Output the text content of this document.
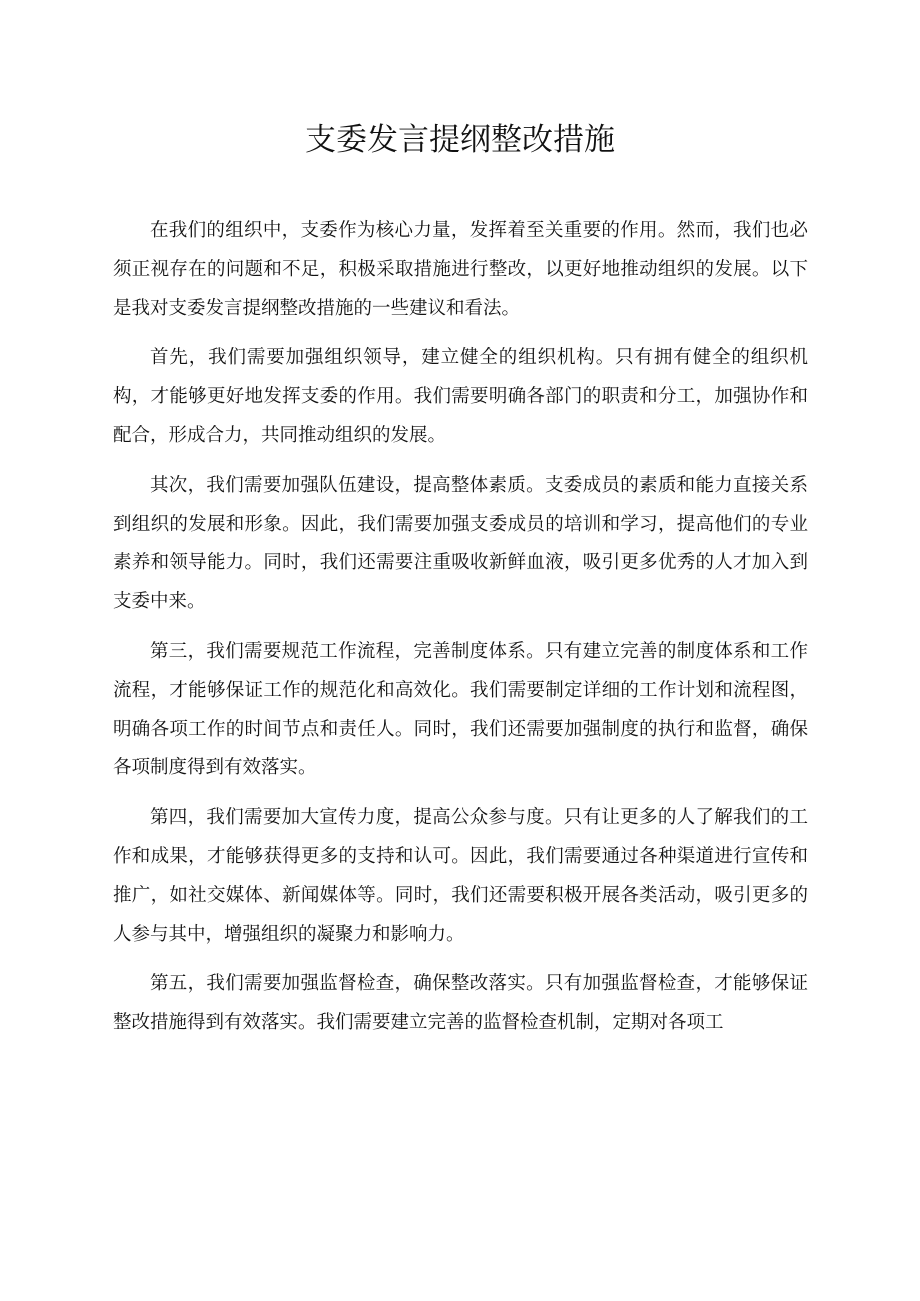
支委发言提纲整改措施

在我们的组织中，支委作为核心力量，发挥着至关重要的作用。然而，我们也必须正视存在的问题和不足，积极采取措施进行整改，以更好地推动组织的发展。以下是我对支委发言提纲整改措施的一些建议和看法。

首先，我们需要加强组织领导，建立健全的组织机构。只有拥有健全的组织机构，才能够更好地发挥支委的作用。我们需要明确各部门的职责和分工，加强协作和配合，形成合力，共同推动组织的发展。

其次，我们需要加强队伍建设，提高整体素质。支委成员的素质和能力直接关系到组织的发展和形象。因此，我们需要加强支委成员的培训和学习，提高他们的专业素养和领导能力。同时，我们还需要注重吸收新鲜血液，吸引更多优秀的人才加入到支委中来。

第三，我们需要规范工作流程，完善制度体系。只有建立完善的制度体系和工作流程，才能够保证工作的规范化和高效化。我们需要制定详细的工作计划和流程图，明确各项工作的时间节点和责任人。同时，我们还需要加强制度的执行和监督，确保各项制度得到有效落实。

第四，我们需要加大宣传力度，提高公众参与度。只有让更多的人了解我们的工作和成果，才能够获得更多的支持和认可。因此，我们需要通过各种渠道进行宣传和推广，如社交媒体、新闻媒体等。同时，我们还需要积极开展各类活动，吸引更多的人参与其中，增强组织的凝聚力和影响力。

第五，我们需要加强监督检查，确保整改落实。只有加强监督检查，才能够保证整改措施得到有效落实。我们需要建立完善的监督检查机制，定期对各项工
